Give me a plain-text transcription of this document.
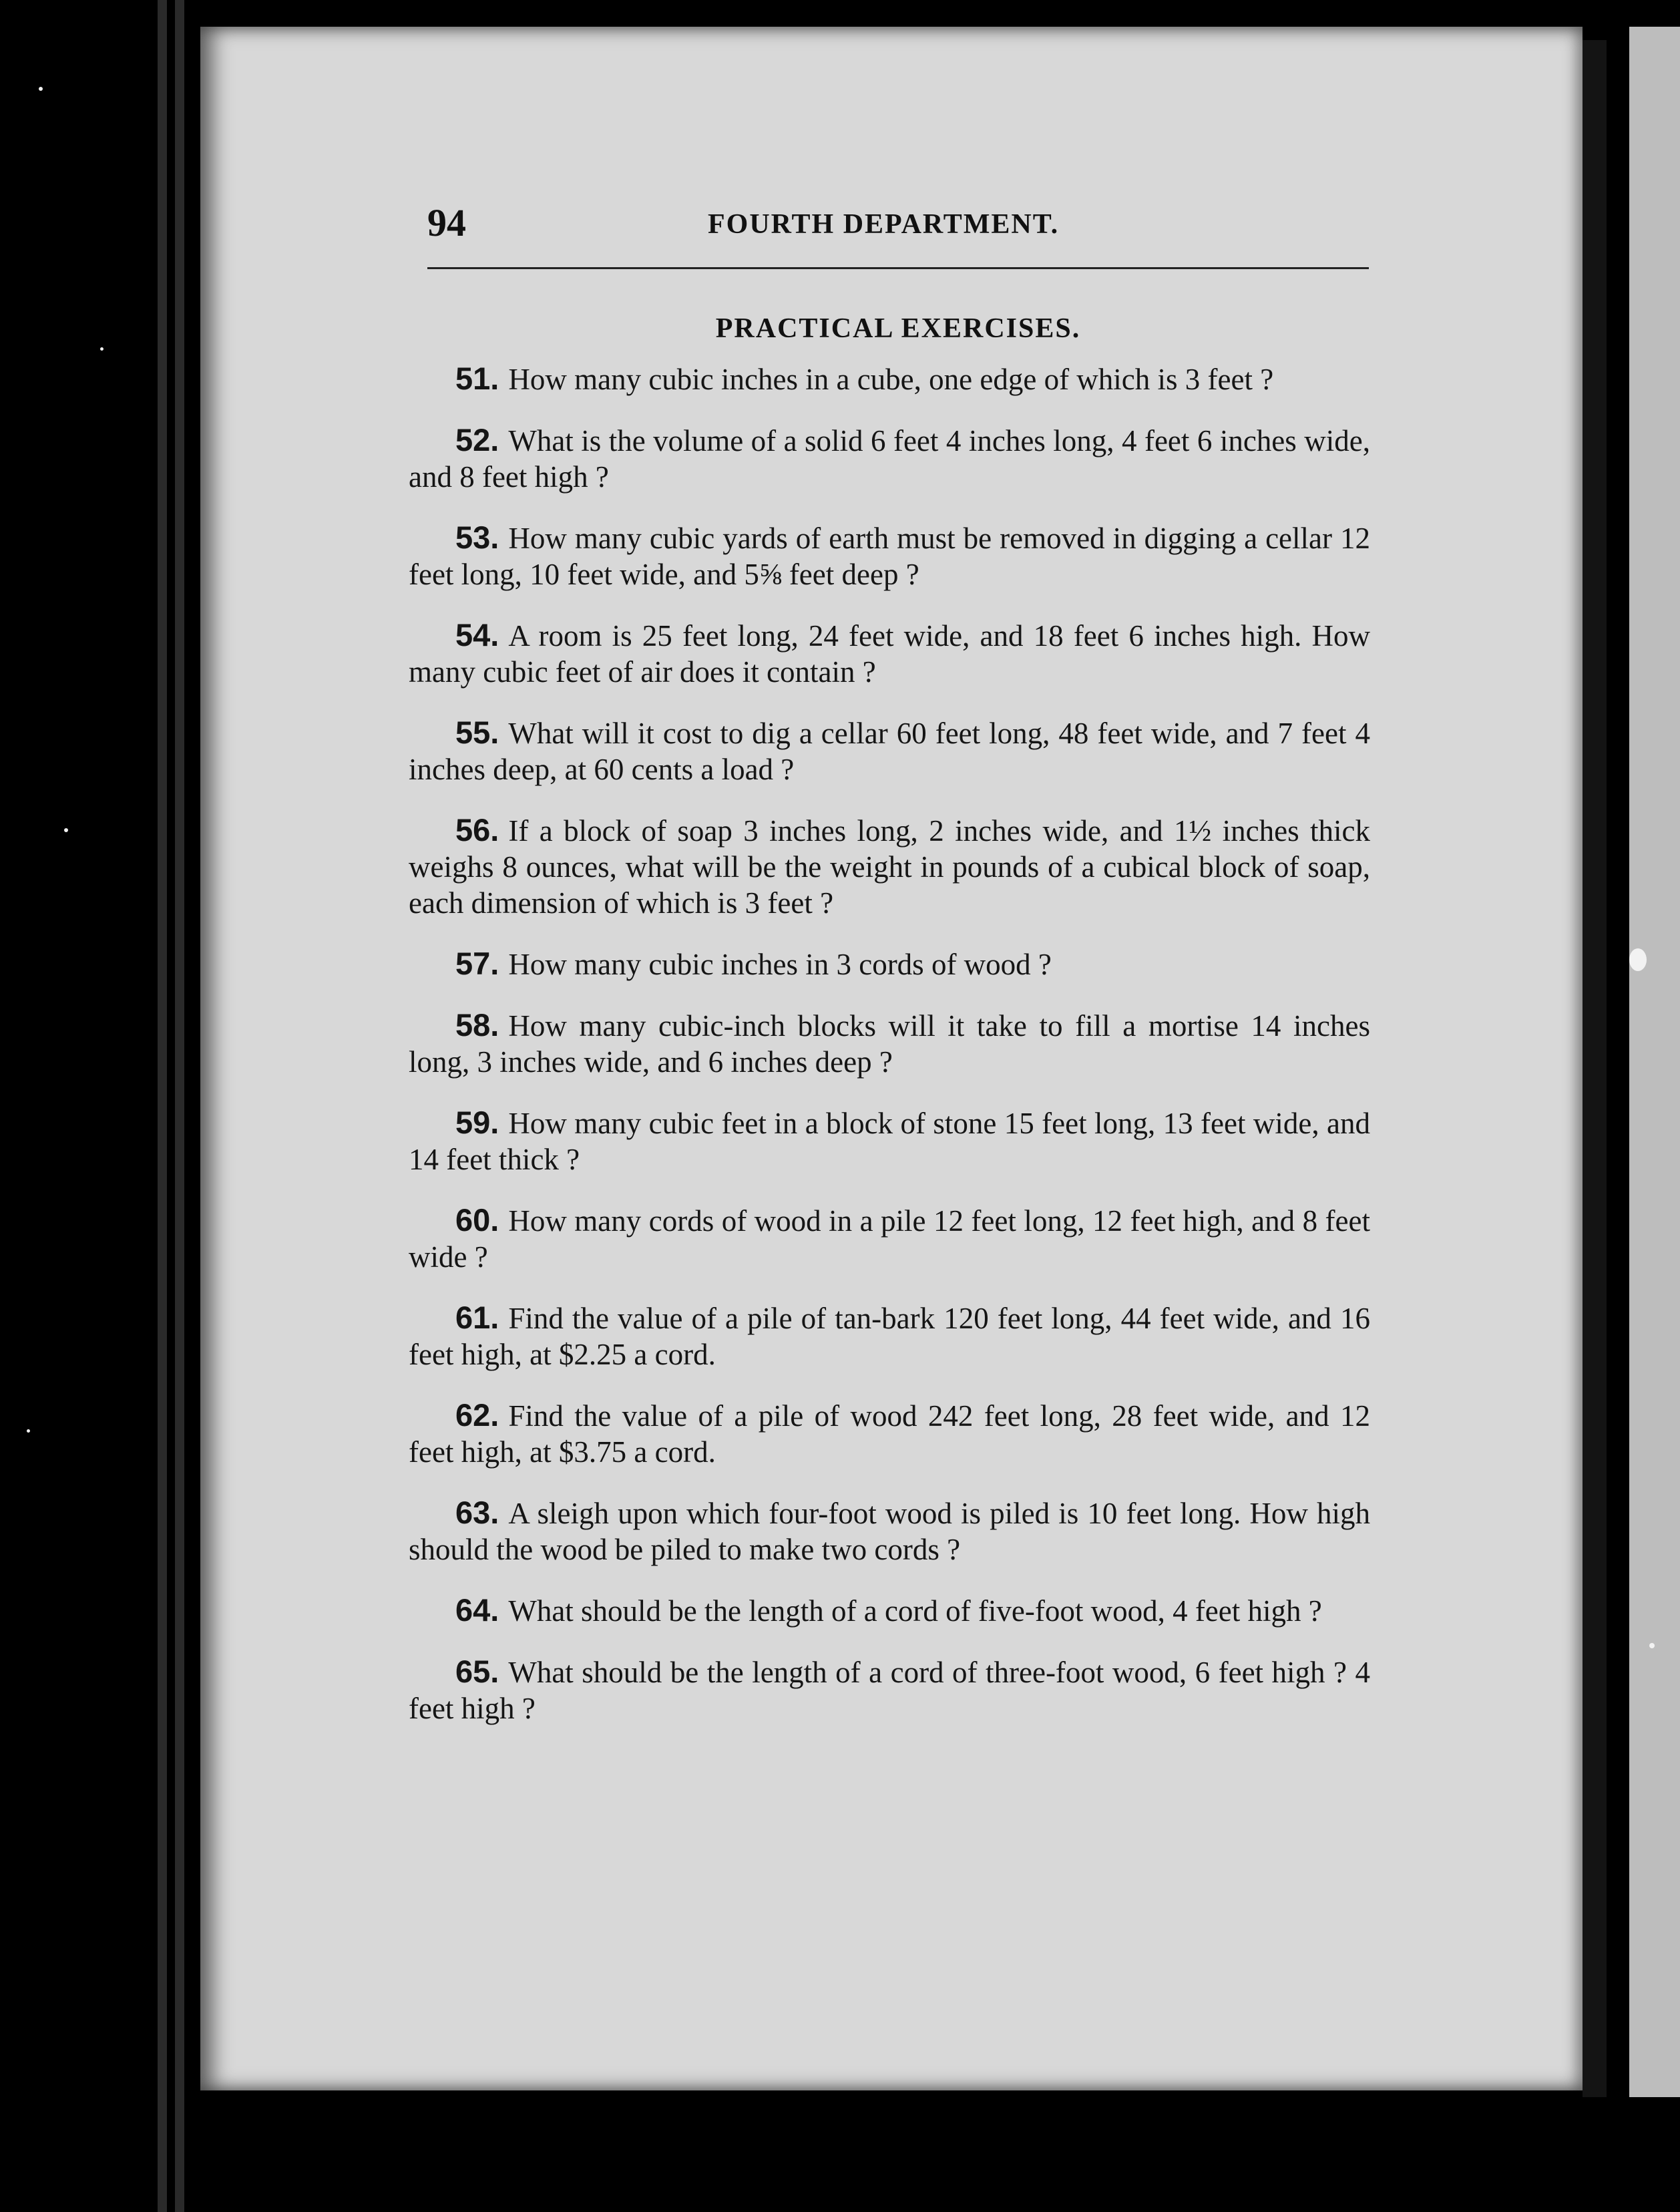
94	FOURTH DEPARTMENT.
PRACTICAL EXERCISES.
51. How many cubic inches in a cube, one edge of which is 3 feet ?
52. What is the volume of a solid 6 feet 4 inches long, 4 feet 6 inches wide, and 8 feet high ?
53. How many cubic yards of earth must be removed in digging a cellar 12 feet long, 10 feet wide, and 5⅝ feet deep ?
54. A room is 25 feet long, 24 feet wide, and 18 feet 6 inches high. How many cubic feet of air does it contain ?
55. What will it cost to dig a cellar 60 feet long, 48 feet wide, and 7 feet 4 inches deep, at 60 cents a load ?
56. If a block of soap 3 inches long, 2 inches wide, and 1½ inches thick weighs 8 ounces, what will be the weight in pounds of a cubical block of soap, each dimension of which is 3 feet ?
57. How many cubic inches in 3 cords of wood ?
58. How many cubic-inch blocks will it take to fill a mortise 14 inches long, 3 inches wide, and 6 inches deep ?
59. How many cubic feet in a block of stone 15 feet long, 13 feet wide, and 14 feet thick ?
60. How many cords of wood in a pile 12 feet long, 12 feet high, and 8 feet wide ?
61. Find the value of a pile of tan-bark 120 feet long, 44 feet wide, and 16 feet high, at $2.25 a cord.
62. Find the value of a pile of wood 242 feet long, 28 feet wide, and 12 feet high, at $3.75 a cord.
63. A sleigh upon which four-foot wood is piled is 10 feet long. How high should the wood be piled to make two cords ?
64. What should be the length of a cord of five-foot wood, 4 feet high ?
65. What should be the length of a cord of three-foot wood, 6 feet high ? 4 feet high ?
